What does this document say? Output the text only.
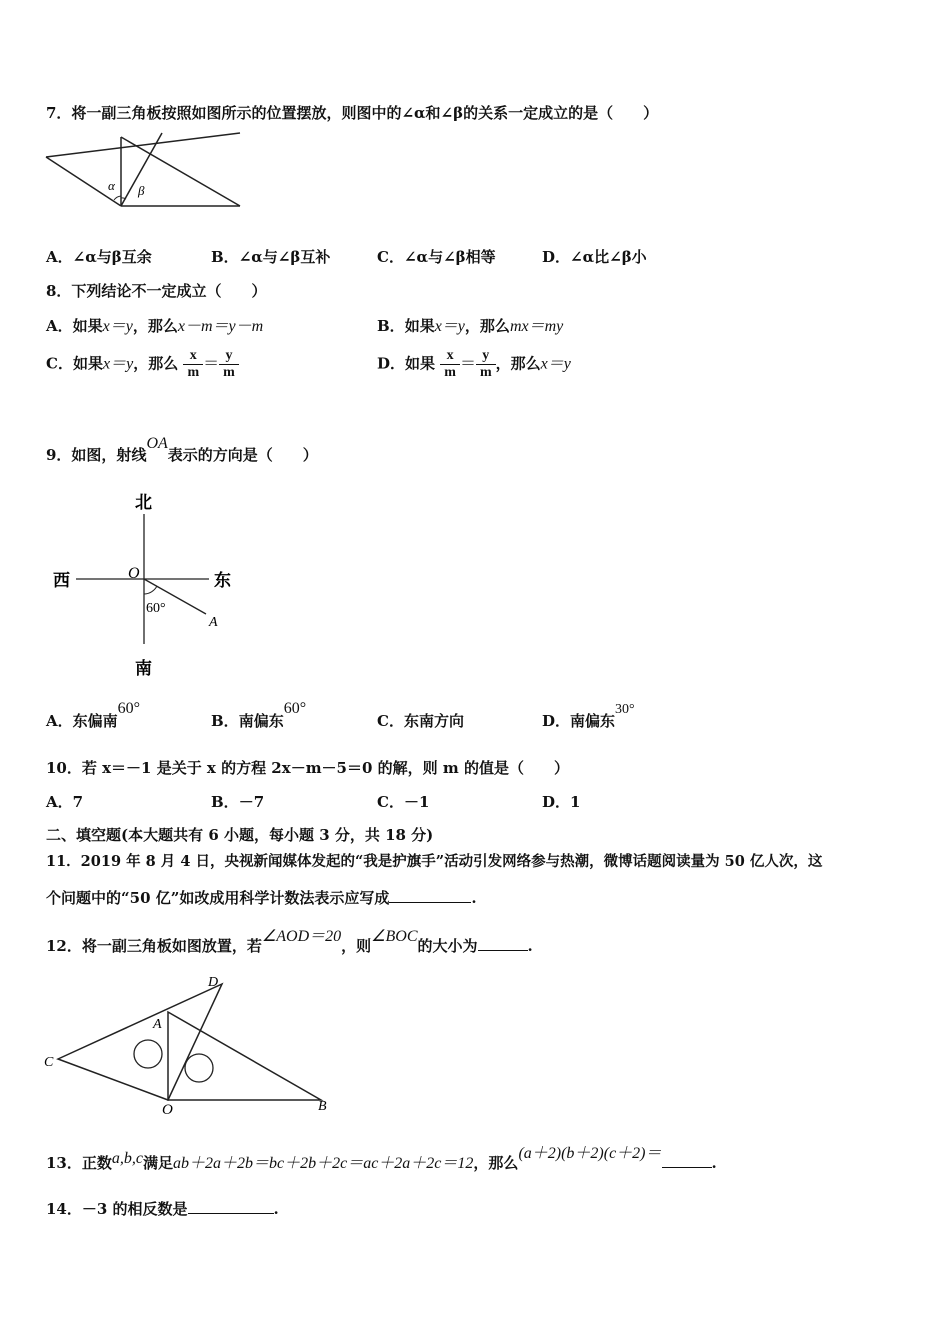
7．将一副三角板按照如图所示的位置摆放，则图中的∠α和∠β的关系一定成立的是（　　）
α β
A．∠α与β互余	B．∠α与∠β互补	C．∠α与∠β相等	D．∠α比∠β小
8．下列结论不一定成立（　　）
A．如果x＝y，那么x－m＝y－m	B．如果x＝y，那么mx＝my
C．如果x＝y，那么 $\frac{x}{m} = \frac{y}{m}$	D．如果 $\frac{x}{m} = \frac{y}{m}$ ，那么x＝y
9．如图，射线OA表示的方向是（　　）
北
南
西	东
O
A
60°
A．东偏南60°
B．南偏东60°
C．东南方向	D．南偏东30°
10．若 x＝－1 是关于 x 的方程 2x－m－5＝0 的解，则 m 的值是（　　）
A．7	B．－7	C．－1	D．1
二、填空题(本大题共有 6 小题，每小题 3 分，共 18 分)
11．2019 年 8 月 4 日，央视新闻媒体发起的“我是护旗手”活动引发网络参与热潮，微博话题阅读量为 50 亿人次，这
个问题中的“50 亿”如改成用科学计数法表示应写成	.
12．将一副三角板如图放置，若∠AOD＝20，则∠BOC的大小为	.
D
A
C
O	B
13．正数a,b,c满足ab＋2a＋2b＝bc＋2b＋2c＝ac＋2a＋2c＝12，那么(a＋2)(b＋2)(c＋2)＝.
14．－3 的相反数是	.
